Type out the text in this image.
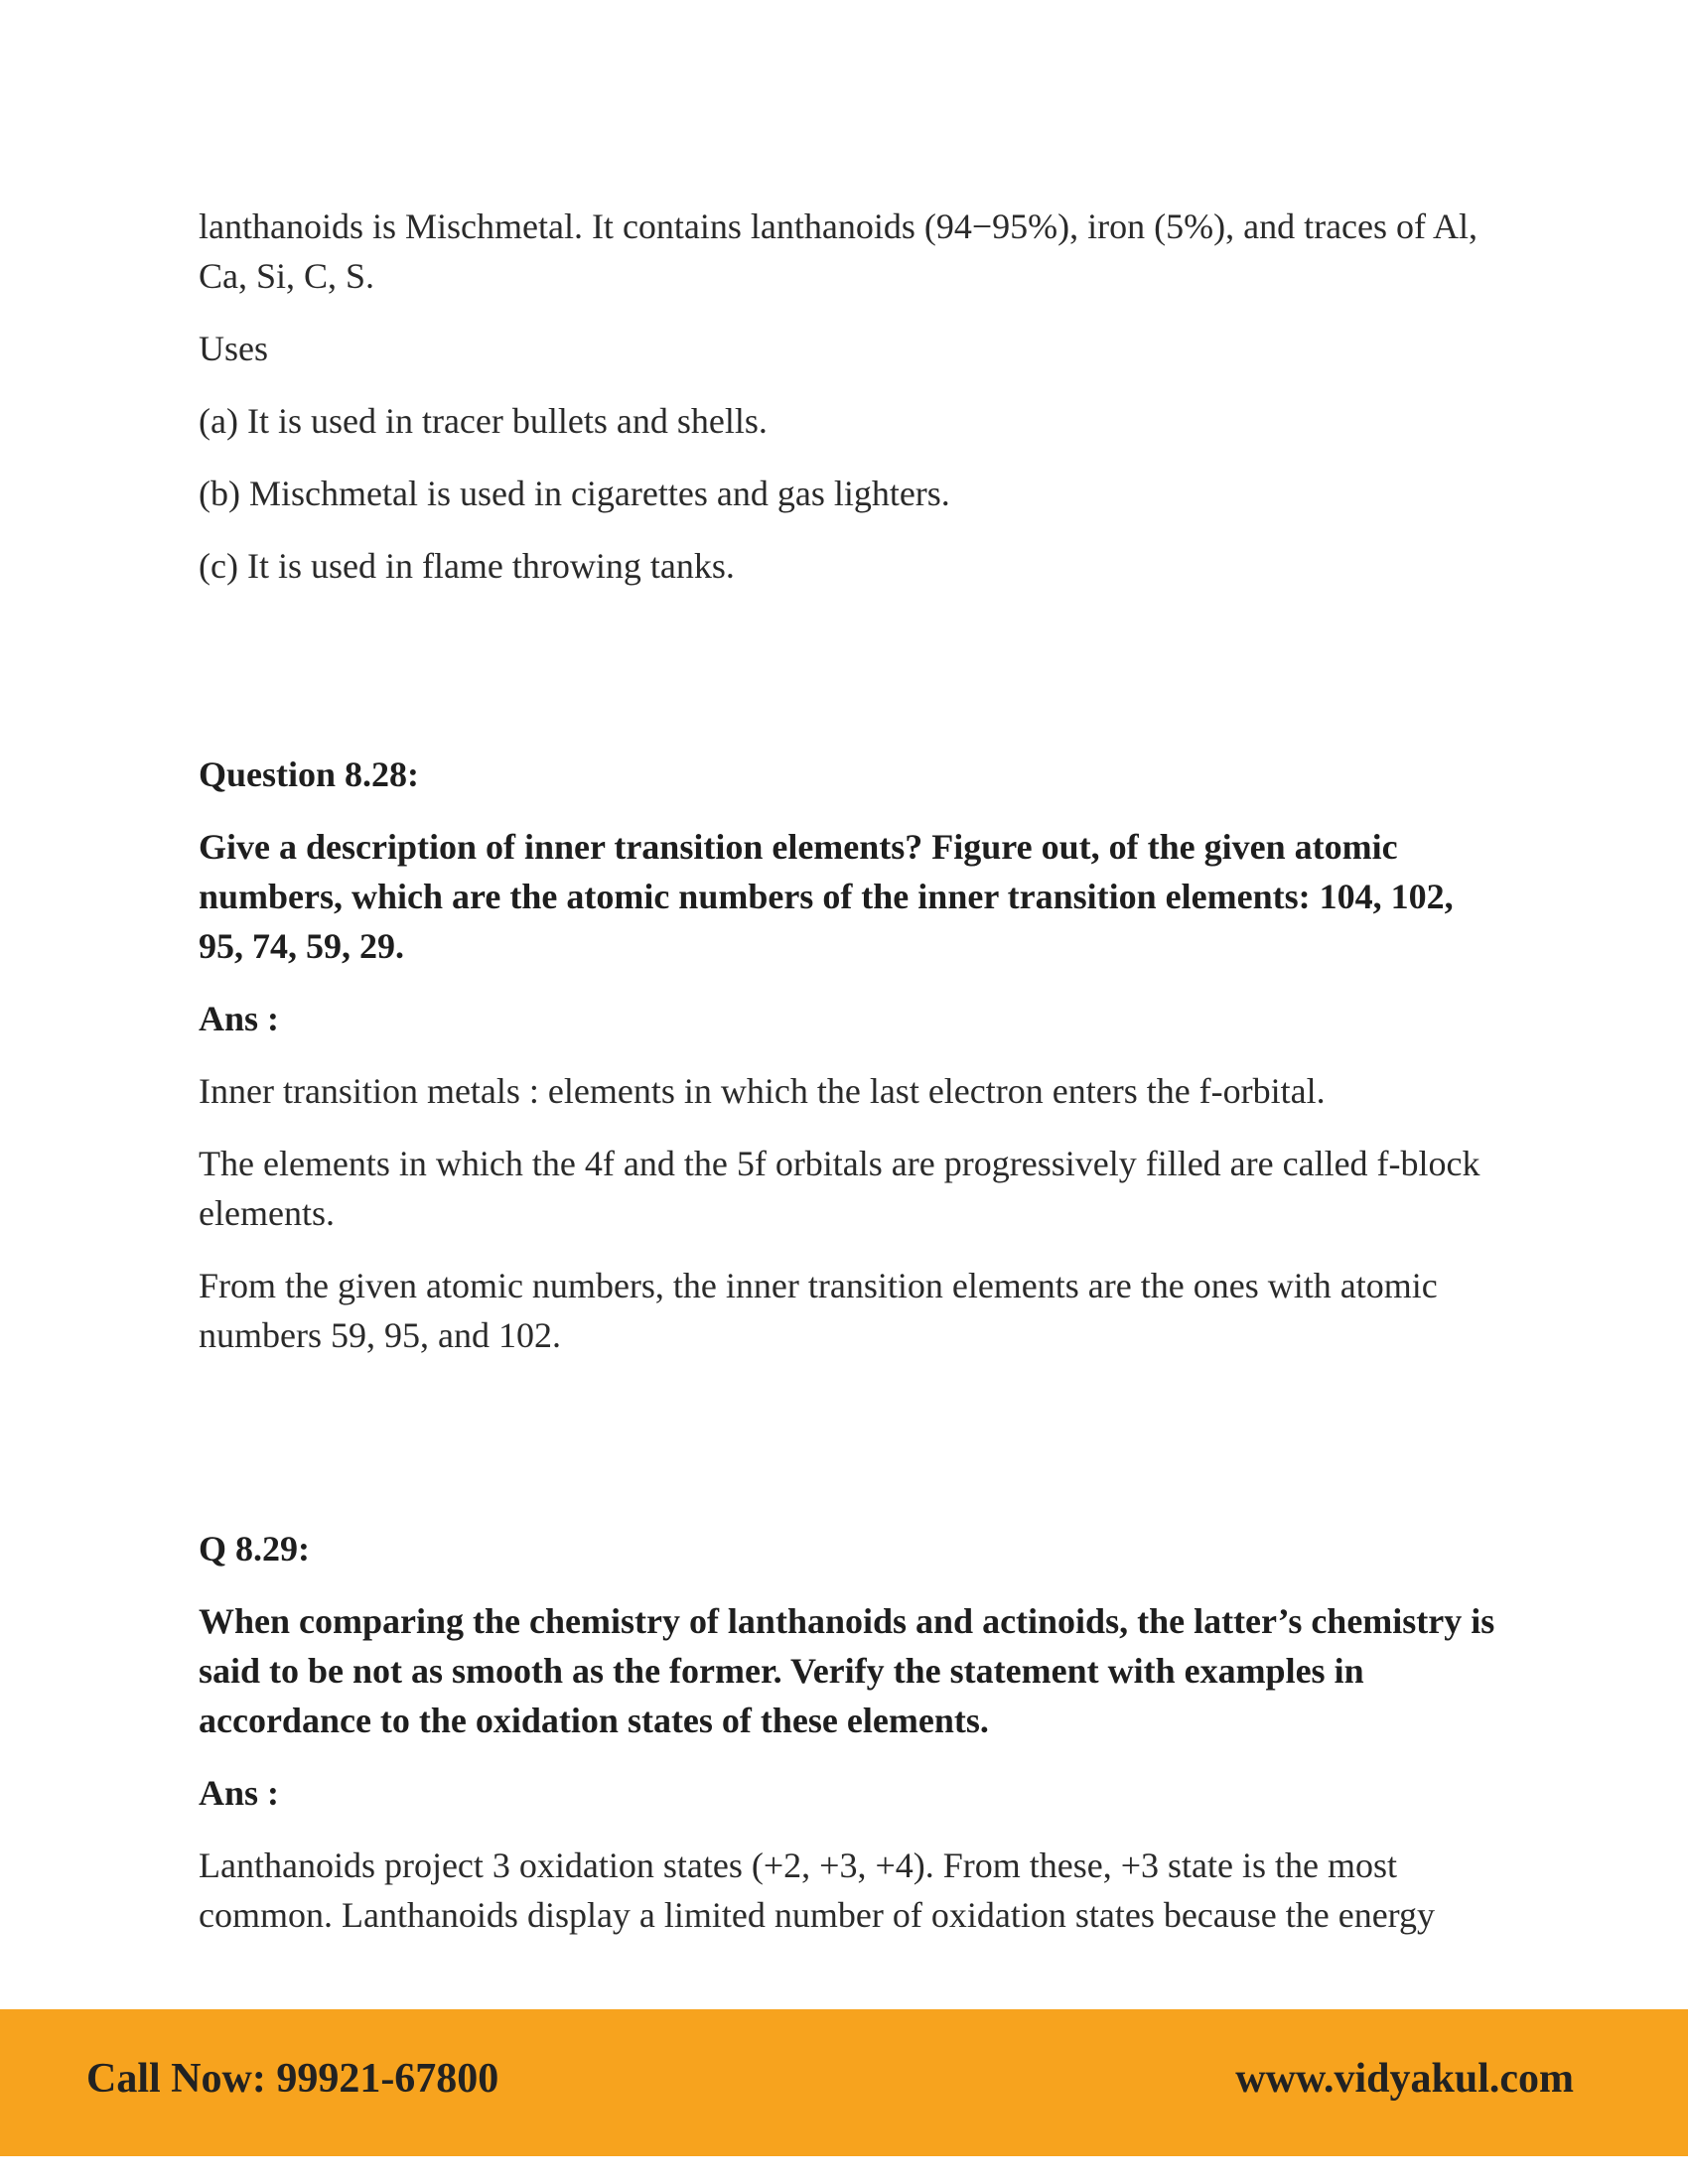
lanthanoids is Mischmetal. It contains lanthanoids (94−95%), iron (5%), and traces of Al, Ca, Si, C, S.

Uses

(a) It is used in tracer bullets and shells.

(b) Mischmetal is used in cigarettes and gas lighters.

(c) It is used in flame throwing tanks.

Question 8.28:

Give a description of inner transition elements? Figure out, of the given atomic numbers, which are the atomic numbers of the inner transition elements: 104, 102, 95, 74, 59, 29.

Ans :

Inner transition metals : elements in which the last electron enters the f-orbital.

The elements in which the 4f and the 5f orbitals are progressively filled are called f-block elements.

From the given atomic numbers, the inner transition elements are the ones with atomic numbers 59, 95, and 102.

Q 8.29:

When comparing the chemistry of lanthanoids and actinoids, the latter’s chemistry is said to be not as smooth as the former. Verify the statement with examples in accordance to the oxidation states of these elements.

Ans :

Lanthanoids project 3 oxidation states (+2, +3, +4). From these, +3 state is the most common. Lanthanoids display a limited number of oxidation states because the energy

Call Now: 99921-67800	www.vidyakul.com
